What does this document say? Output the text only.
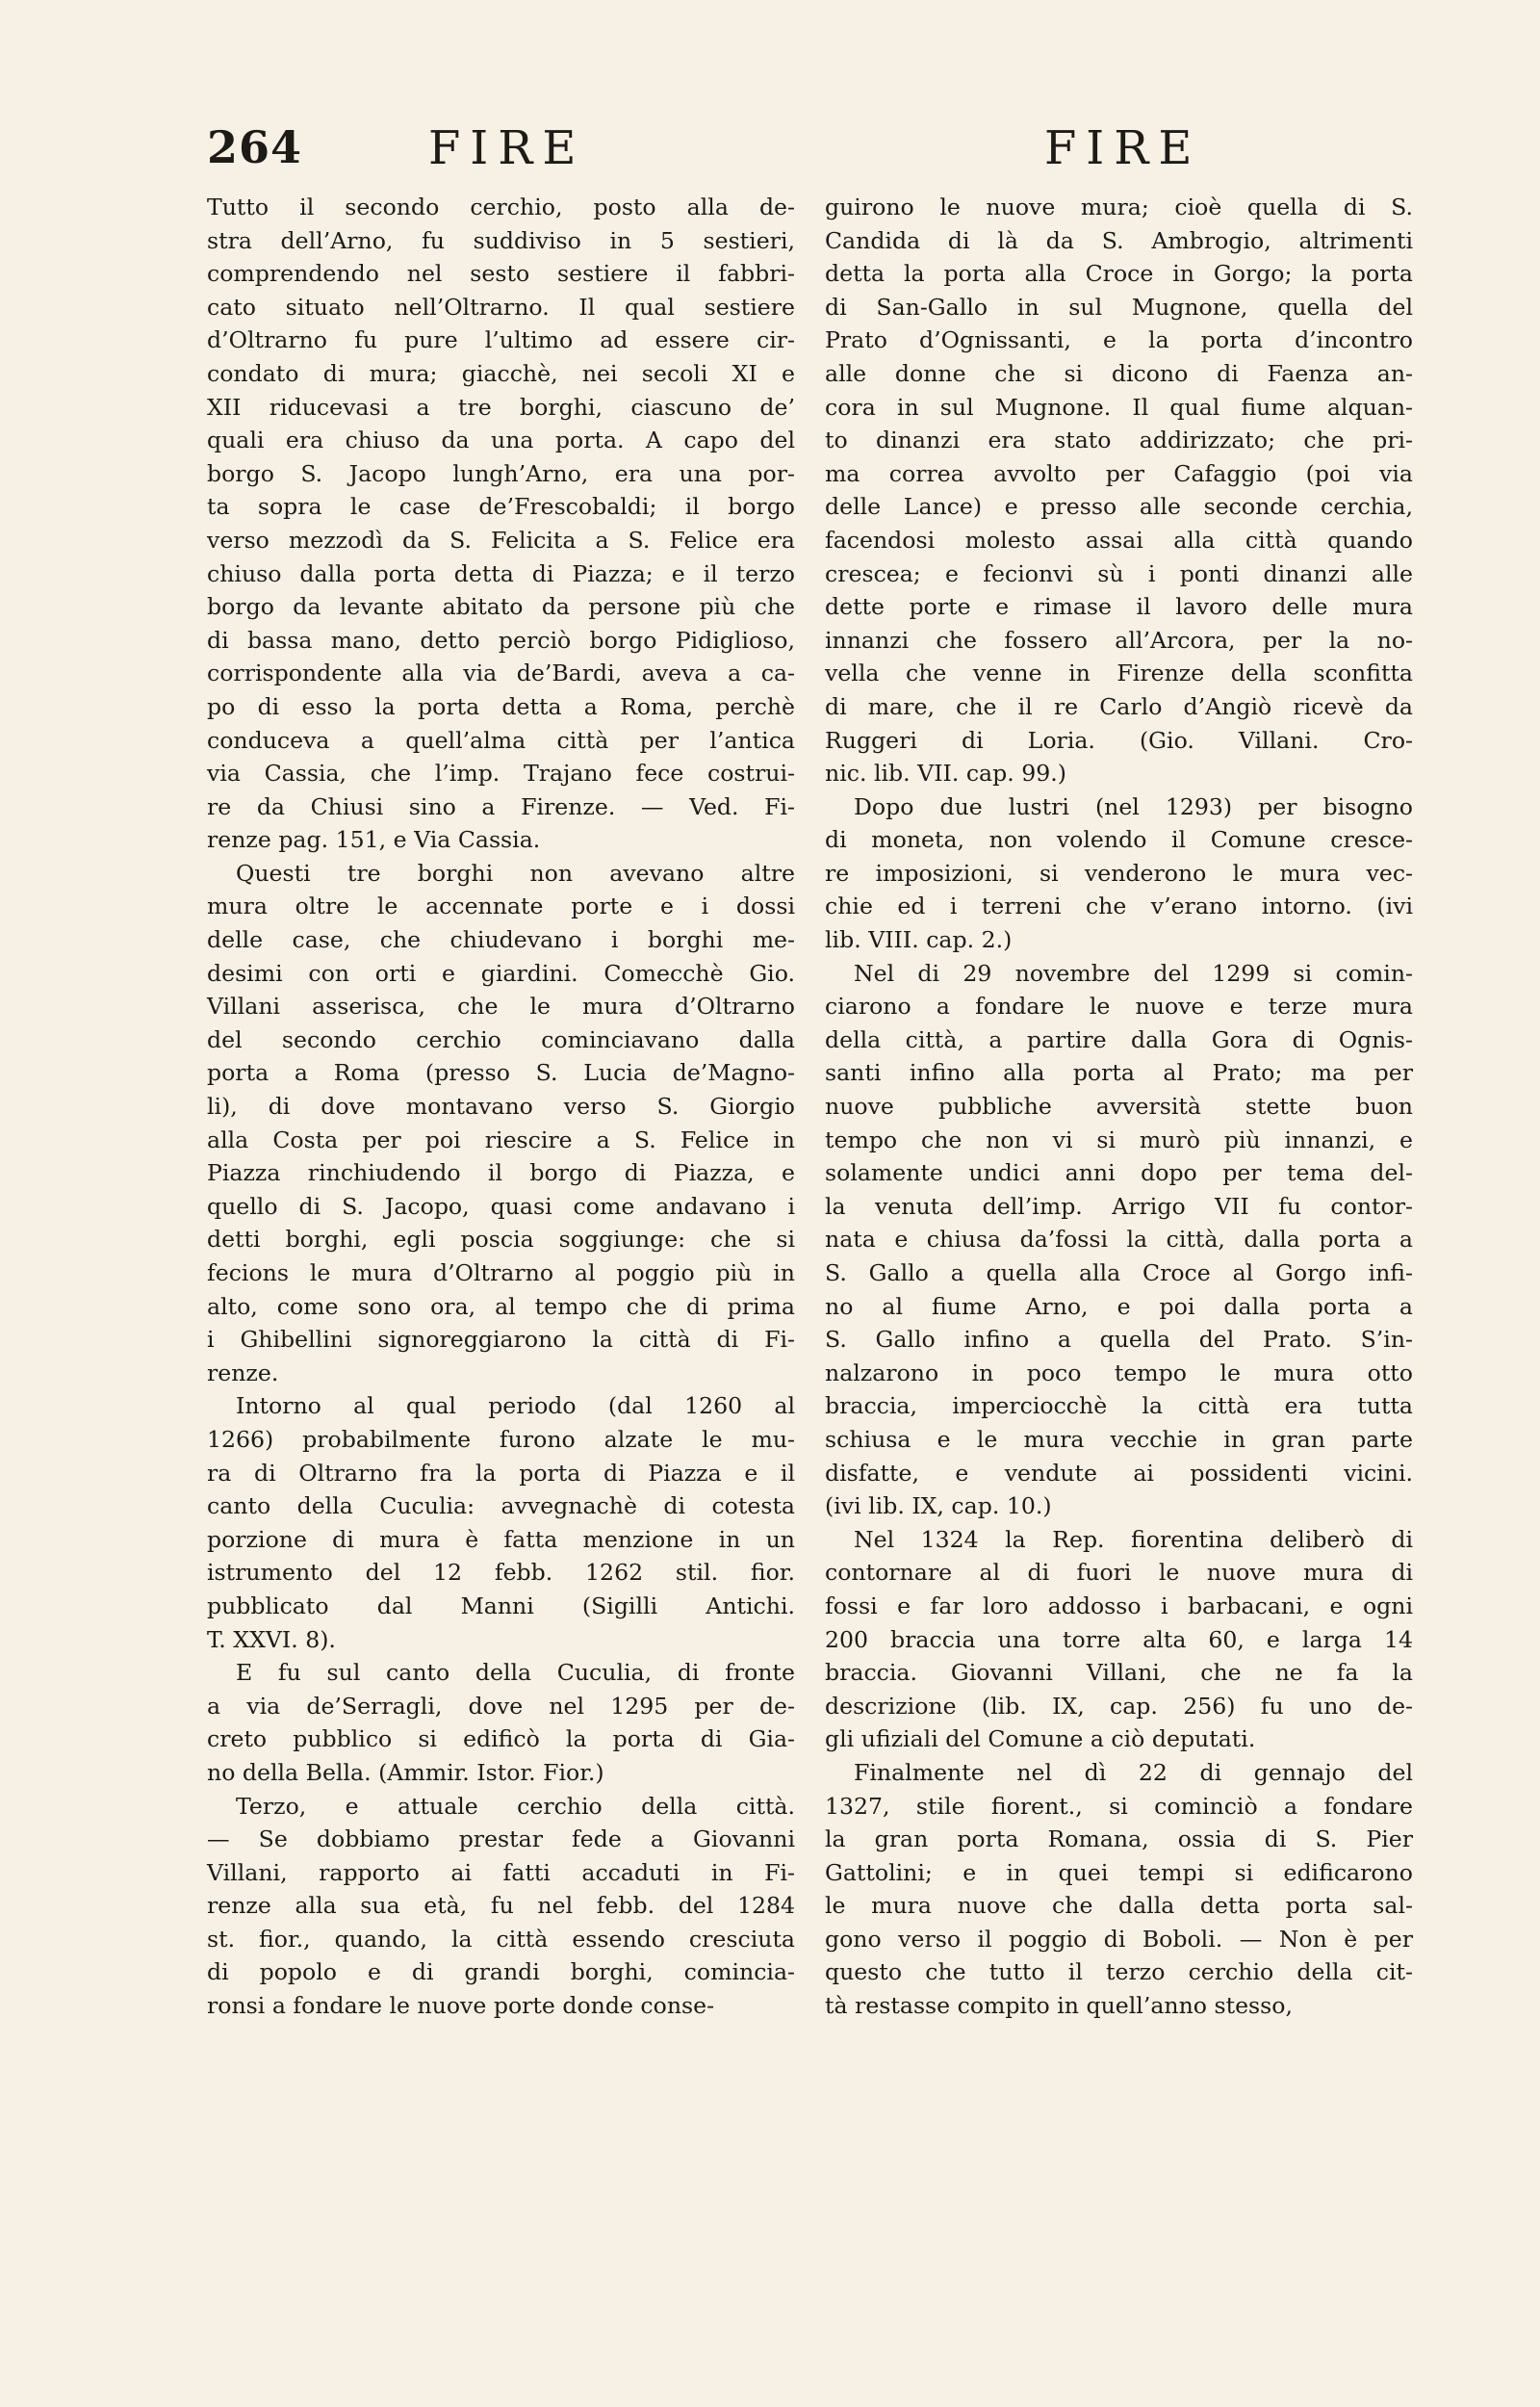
264	FIRE	FIRE
Tutto il secondo cerchio, posto alla de-
stra dell’Arno, fu suddiviso in 5 sestieri,
comprendendo nel sesto sestiere il fabbri-
cato situato nell’Oltrarno. Il qual sestiere
d’Oltrarno fu pure l’ultimo ad essere cir-
condato di mura; giacchè, nei secoli XI e
XII riducevasi a tre borghi, ciascuno de’
quali era chiuso da una porta. A capo del
borgo S. Jacopo lungh’Arno, era una por-
ta sopra le case de’Frescobaldi; il borgo
verso mezzodì da S. Felicita a S. Felice era
chiuso dalla porta detta di Piazza; e il terzo
borgo da levante abitato da persone più che
di bassa mano, detto perciò borgo Pidiglioso,
corrispondente alla via de’Bardi, aveva a ca-
po di esso la porta detta a Roma, perchè
conduceva a quell’alma città per l’antica
via Cassia, che l’imp. Trajano fece costrui-
re da Chiusi sino a Firenze. — Ved. Fi-
renze pag. 151, e Via Cassia.
Questi tre borghi non avevano altre
mura oltre le accennate porte e i dossi
delle case, che chiudevano i borghi me-
desimi con orti e giardini. Comecchè Gio.
Villani asserisca, che le mura d’Oltrarno
del secondo cerchio cominciavano dalla
porta a Roma (presso S. Lucia de’Magno-
li), di dove montavano verso S. Giorgio
alla Costa per poi riescire a S. Felice in
Piazza rinchiudendo il borgo di Piazza, e
quello di S. Jacopo, quasi come andavano i
detti borghi, egli poscia soggiunge: che si
fecions le mura d’Oltrarno al poggio più in
alto, come sono ora, al tempo che di prima
i Ghibellini signoreggiarono la città di Fi-
renze.
Intorno al qual periodo (dal 1260 al
1266) probabilmente furono alzate le mu-
ra di Oltrarno fra la porta di Piazza e il
canto della Cuculia: avvegnachè di cotesta
porzione di mura è fatta menzione in un
istrumento del 12 febb. 1262 stil. fior.
pubblicato dal Manni (Sigilli Antichi.
T. XXVI. 8).
E fu sul canto della Cuculia, di fronte
a via de’Serragli, dove nel 1295 per de-
creto pubblico si edificò la porta di Gia-
no della Bella. (Ammir. Istor. Fior.)
Terzo, e attuale cerchio della città.
— Se dobbiamo prestar fede a Giovanni
Villani, rapporto ai fatti accaduti in Fi-
renze alla sua età, fu nel febb. del 1284
st. fior., quando, la città essendo cresciuta
di popolo e di grandi borghi, comincia-
ronsi a fondare le nuove porte donde conse-
guirono le nuove mura; cioè quella di S.
Candida di là da S. Ambrogio, altrimenti
detta la porta alla Croce in Gorgo; la porta
di San-Gallo in sul Mugnone, quella del
Prato d’Ognissanti, e la porta d’incontro
alle donne che si dicono di Faenza an-
cora in sul Mugnone. Il qual fiume alquan-
to dinanzi era stato addirizzato; che pri-
ma correa avvolto per Cafaggio (poi via
delle Lance) e presso alle seconde cerchia,
facendosi molesto assai alla città quando
crescea; e fecionvi sù i ponti dinanzi alle
dette porte e rimase il lavoro delle mura
innanzi che fossero all’Arcora, per la no-
vella che venne in Firenze della sconfitta
di mare, che il re Carlo d’Angiò ricevè da
Ruggeri di Loria. (Gio. Villani. Cro-
nic. lib. VII. cap. 99.)
Dopo due lustri (nel 1293) per bisogno
di moneta, non volendo il Comune cresce-
re imposizioni, si venderono le mura vec-
chie ed i terreni che v’erano intorno. (ivi
lib. VIII. cap. 2.)
Nel di 29 novembre del 1299 si comin-
ciarono a fondare le nuove e terze mura
della città, a partire dalla Gora di Ognis-
santi infino alla porta al Prato; ma per
nuove pubbliche avversità stette buon
tempo che non vi si murò più innanzi, e
solamente undici anni dopo per tema del-
la venuta dell’imp. Arrigo VII fu contor-
nata e chiusa da’fossi la città, dalla porta a
S. Gallo a quella alla Croce al Gorgo infi-
no al fiume Arno, e poi dalla porta a
S. Gallo infino a quella del Prato. S’in-
nalzarono in poco tempo le mura otto
braccia, imperciocchè la città era tutta
schiusa e le mura vecchie in gran parte
disfatte, e vendute ai possidenti vicini.
(ivi lib. IX, cap. 10.)
Nel 1324 la Rep. fiorentina deliberò di
contornare al di fuori le nuove mura di
fossi e far loro addosso i barbacani, e ogni
200 braccia una torre alta 60, e larga 14
braccia. Giovanni Villani, che ne fa la
descrizione (lib. IX, cap. 256) fu uno de-
gli ufiziali del Comune a ciò deputati.
Finalmente nel dì 22 di gennajo del
1327, stile fiorent., si cominciò a fondare
la gran porta Romana, ossia di S. Pier
Gattolini; e in quei tempi si edificarono
le mura nuove che dalla detta porta sal-
gono verso il poggio di Boboli. — Non è per
questo che tutto il terzo cerchio della cit-
tà restasse compito in quell’anno stesso,
